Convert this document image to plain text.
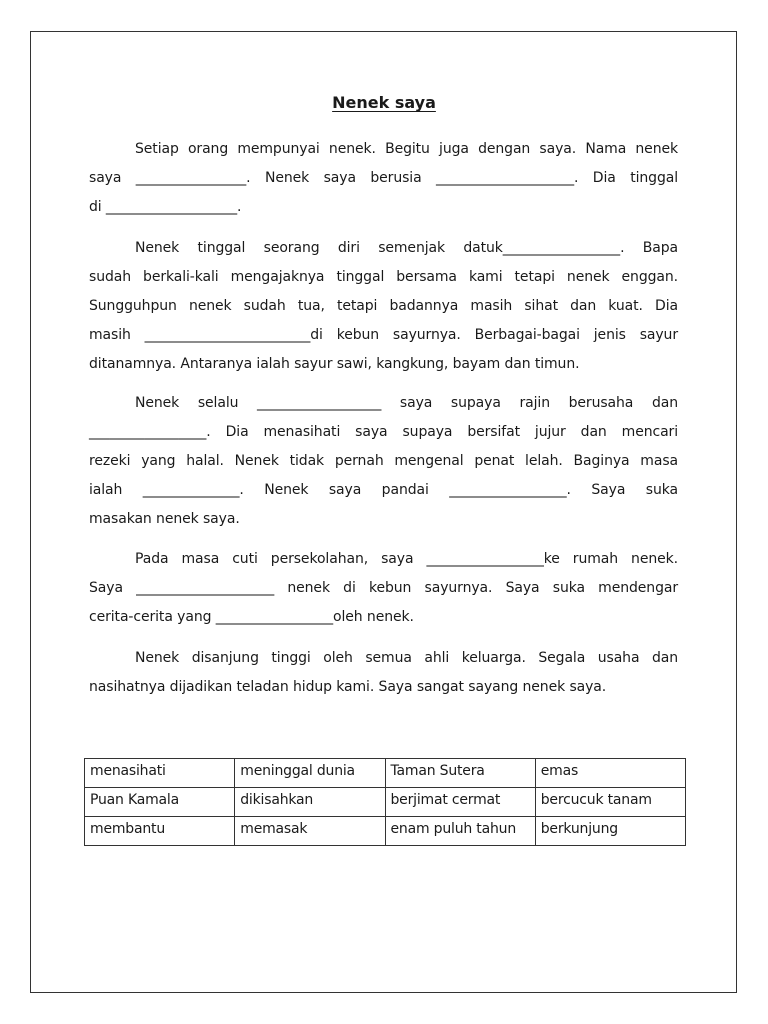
Nenek saya
Setiap orang mempunyai nenek. Begitu juga dengan saya. Nama nenek
saya ________________. Nenek saya berusia ____________________. Dia tinggal
di ___________________.
Nenek tinggal seorang diri semenjak datuk_________________. Bapa
sudah berkali-kali mengajaknya tinggal bersama kami tetapi nenek enggan.
Sungguhpun nenek sudah tua, tetapi badannya masih sihat dan kuat. Dia
masih ________________________di kebun sayurnya. Berbagai-bagai jenis sayur
ditanamnya. Antaranya ialah sayur sawi, kangkung, bayam dan timun.
Nenek selalu __________________ saya supaya rajin berusaha dan
_________________. Dia menasihati saya supaya bersifat jujur dan mencari
rezeki yang halal. Nenek tidak pernah mengenal penat lelah. Baginya masa
ialah ______________. Nenek saya pandai _________________. Saya suka
masakan nenek saya.
Pada masa cuti persekolahan, saya _________________ke rumah nenek.
Saya ____________________ nenek di kebun sayurnya. Saya suka mendengar
cerita-cerita yang _________________oleh nenek.
Nenek disanjung tinggi oleh semua ahli keluarga. Segala usaha dan
nasihatnya dijadikan teladan hidup kami. Saya sangat sayang nenek saya.
menasihati	meninggal dunia	Taman Sutera	emas
Puan Kamala	dikisahkan	berjimat cermat	bercucuk tanam
membantu	memasak	enam puluh tahun	berkunjung
